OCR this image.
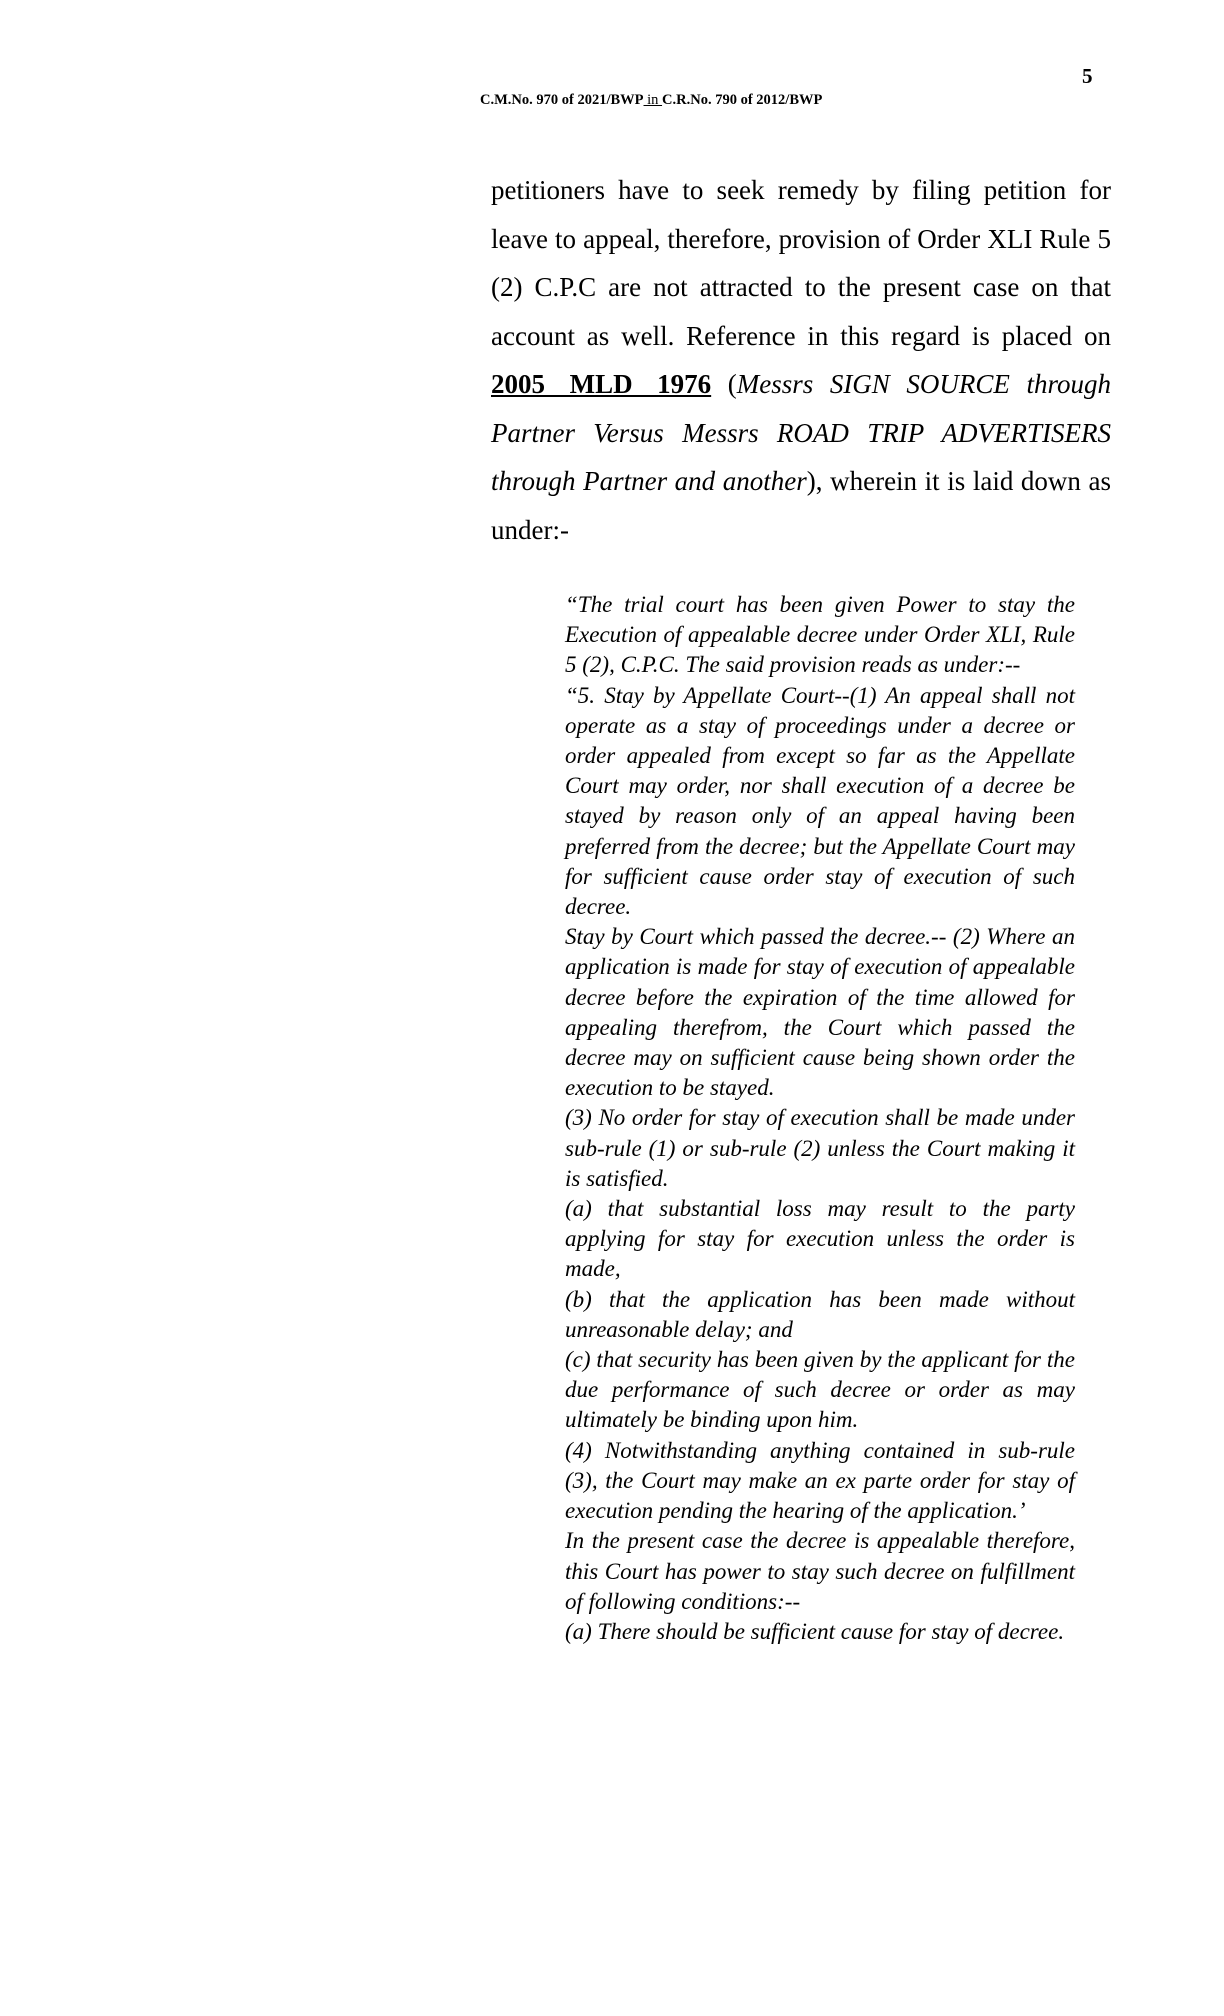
5
C.M.No. 970 of 2021/BWP in C.R.No. 790 of 2012/BWP

petitioners have to seek remedy by filing petition for leave to appeal, therefore, provision of Order XLI Rule 5 (2) C.P.C are not attracted to the present case on that account as well. Reference in this regard is placed on 2005 MLD 1976 (Messrs SIGN SOURCE through Partner Versus Messrs ROAD TRIP ADVERTISERS through Partner and another), wherein it is laid down as under:-

“The trial court has been given Power to stay the Execution of appealable decree under Order XLI, Rule 5 (2), C.P.C. The said provision reads as under:--

“5. Stay by Appellate Court--(1) An appeal shall not operate as a stay of proceedings under a decree or order appealed from except so far as the Appellate Court may order, nor shall execution of a decree be stayed by reason only of an appeal having been preferred from the decree; but the Appellate Court may for sufficient cause order stay of execution of such decree.

Stay by Court which passed the decree.-- (2) Where an application is made for stay of execution of appealable decree before the expiration of the time allowed for appealing therefrom, the Court which passed the decree may on sufficient cause being shown order the execution to be stayed.

(3) No order for stay of execution shall be made under sub-rule (1) or sub-rule (2) unless the Court making it is satisfied.

(a) that substantial loss may result to the party applying for stay for execution unless the order is made,

(b) that the application has been made without unreasonable delay; and

(c) that security has been given by the applicant for the due performance of such decree or order as may ultimately be binding upon him.

(4) Notwithstanding anything contained in sub-rule (3), the Court may make an ex parte order for stay of execution pending the hearing of the application.’

In the present case the decree is appealable therefore, this Court has power to stay such decree on fulfillment of following conditions:--

(a) There should be sufficient cause for stay of decree.
